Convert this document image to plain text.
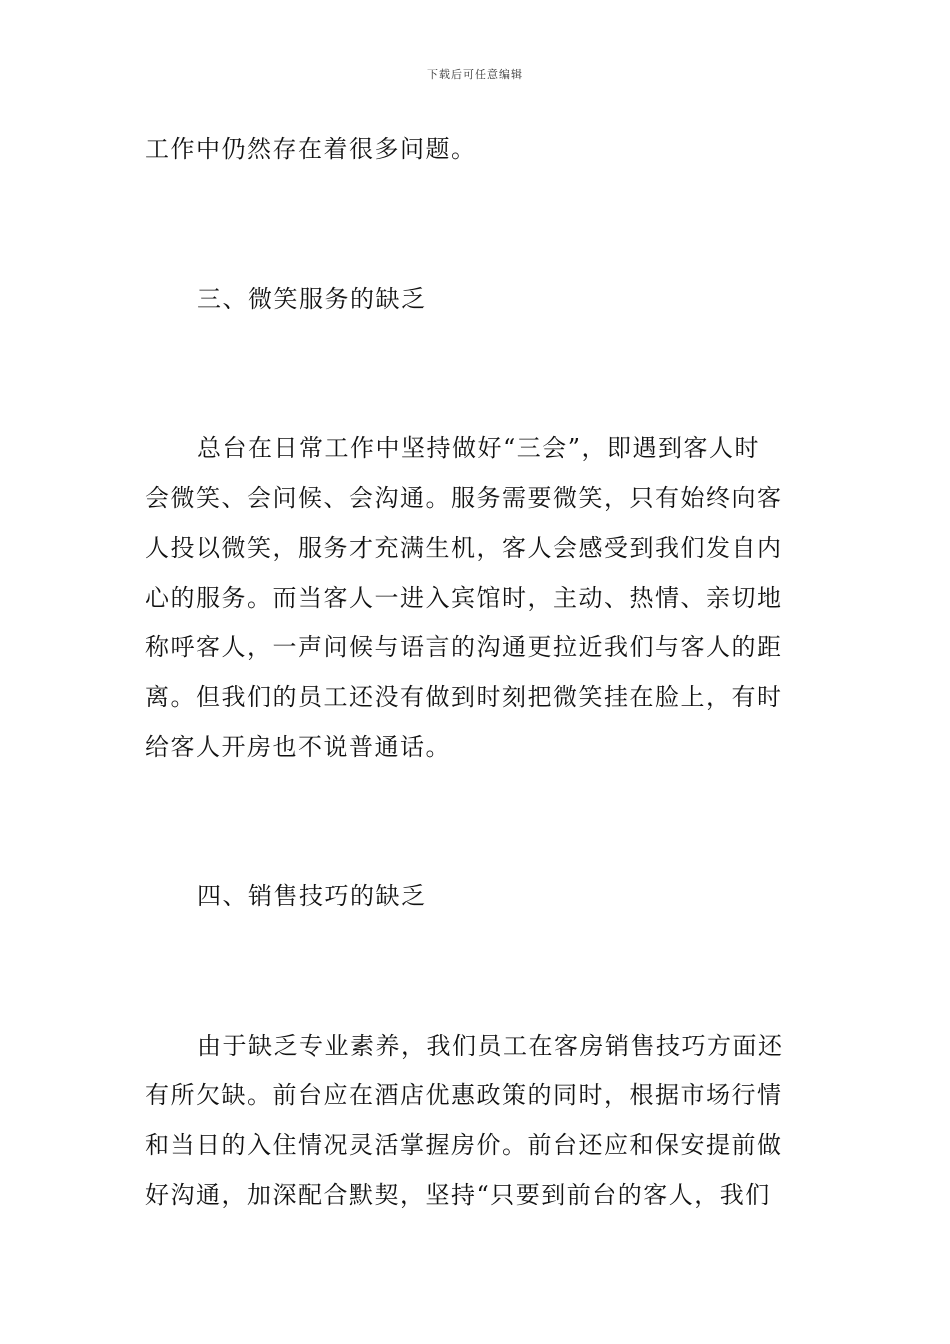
下载后可任意编辑
工作中仍然存在着很多问题。
三、微笑服务的缺乏
总台在日常工作中坚持做好“三会”，即遇到客人时
会微笑、会问候、会沟通。服务需要微笑，只有始终向客
人投以微笑，服务才充满生机，客人会感受到我们发自内
心的服务。而当客人一进入宾馆时，主动、热情、亲切地
称呼客人，一声问候与语言的沟通更拉近我们与客人的距
离。但我们的员工还没有做到时刻把微笑挂在脸上，有时
给客人开房也不说普通话。
四、销售技巧的缺乏
由于缺乏专业素养，我们员工在客房销售技巧方面还
有所欠缺。前台应在酒店优惠政策的同时，根据市场行情
和当日的入住情况灵活掌握房价。前台还应和保安提前做
好沟通，加深配合默契，坚持“只要到前台的客人，我们
